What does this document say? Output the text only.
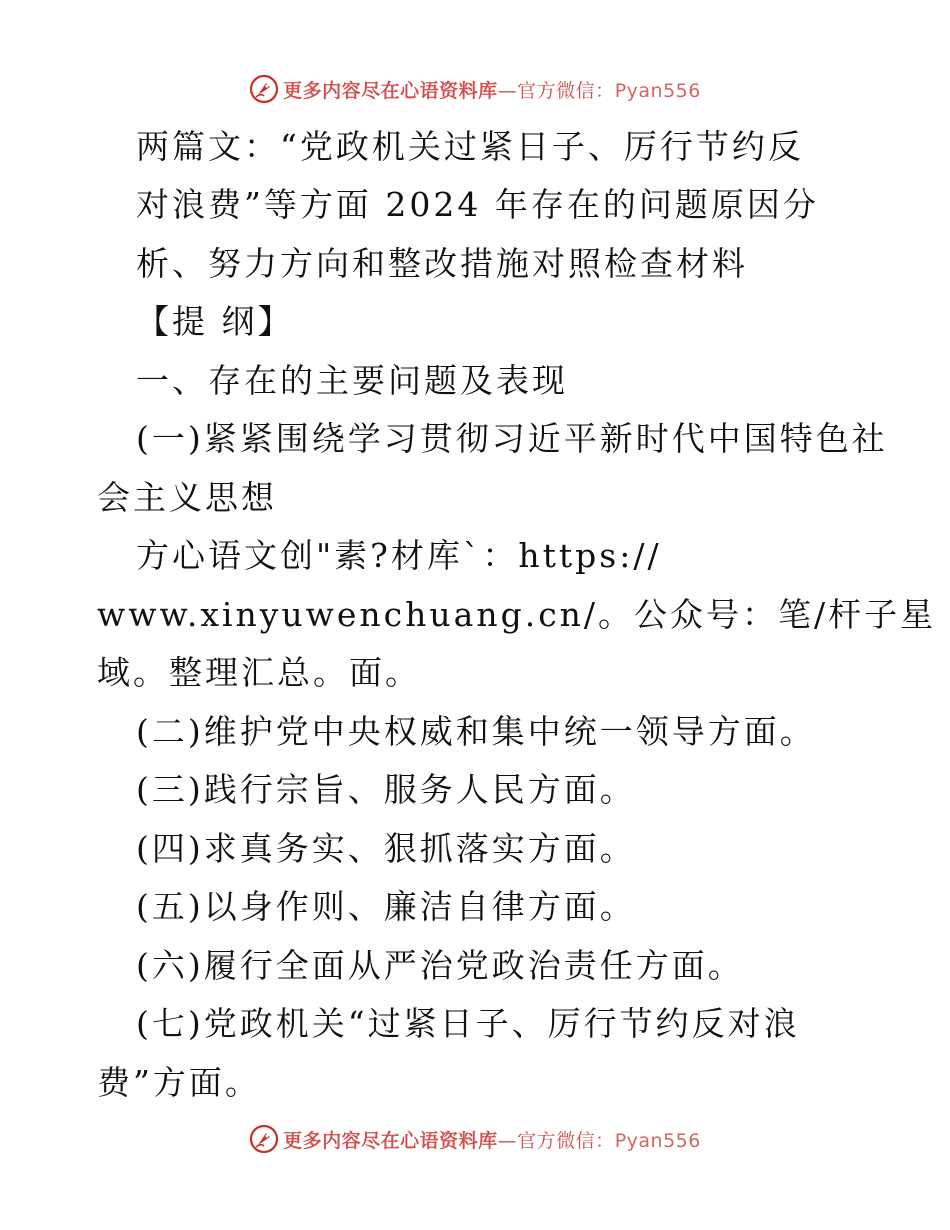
更多内容尽在心语资料库—官方微信：Pyan556
两篇文：“党政机关过紧日子、厉行节约反
对浪费”等方面 2024 年存在的问题原因分
析、努力方向和整改措施对照检查材料
【提 纲】
一、存在的主要问题及表现
(一)紧紧围绕学习贯彻习近平新时代中国特色社
会主义思想
方心语文创"素?材库`：https://
www.xinyuwenchuang.cn/。公众号：笔/杆子星
域。整理汇总。面。
(二)维护党中央权威和集中统一领导方面。
(三)践行宗旨、服务人民方面。
(四)求真务实、狠抓落实方面。
(五)以身作则、廉洁自律方面。
(六)履行全面从严治党政治责任方面。
(七)党政机关“过紧日子、厉行节约反对浪
费”方面。
更多内容尽在心语资料库—官方微信：Pyan556
